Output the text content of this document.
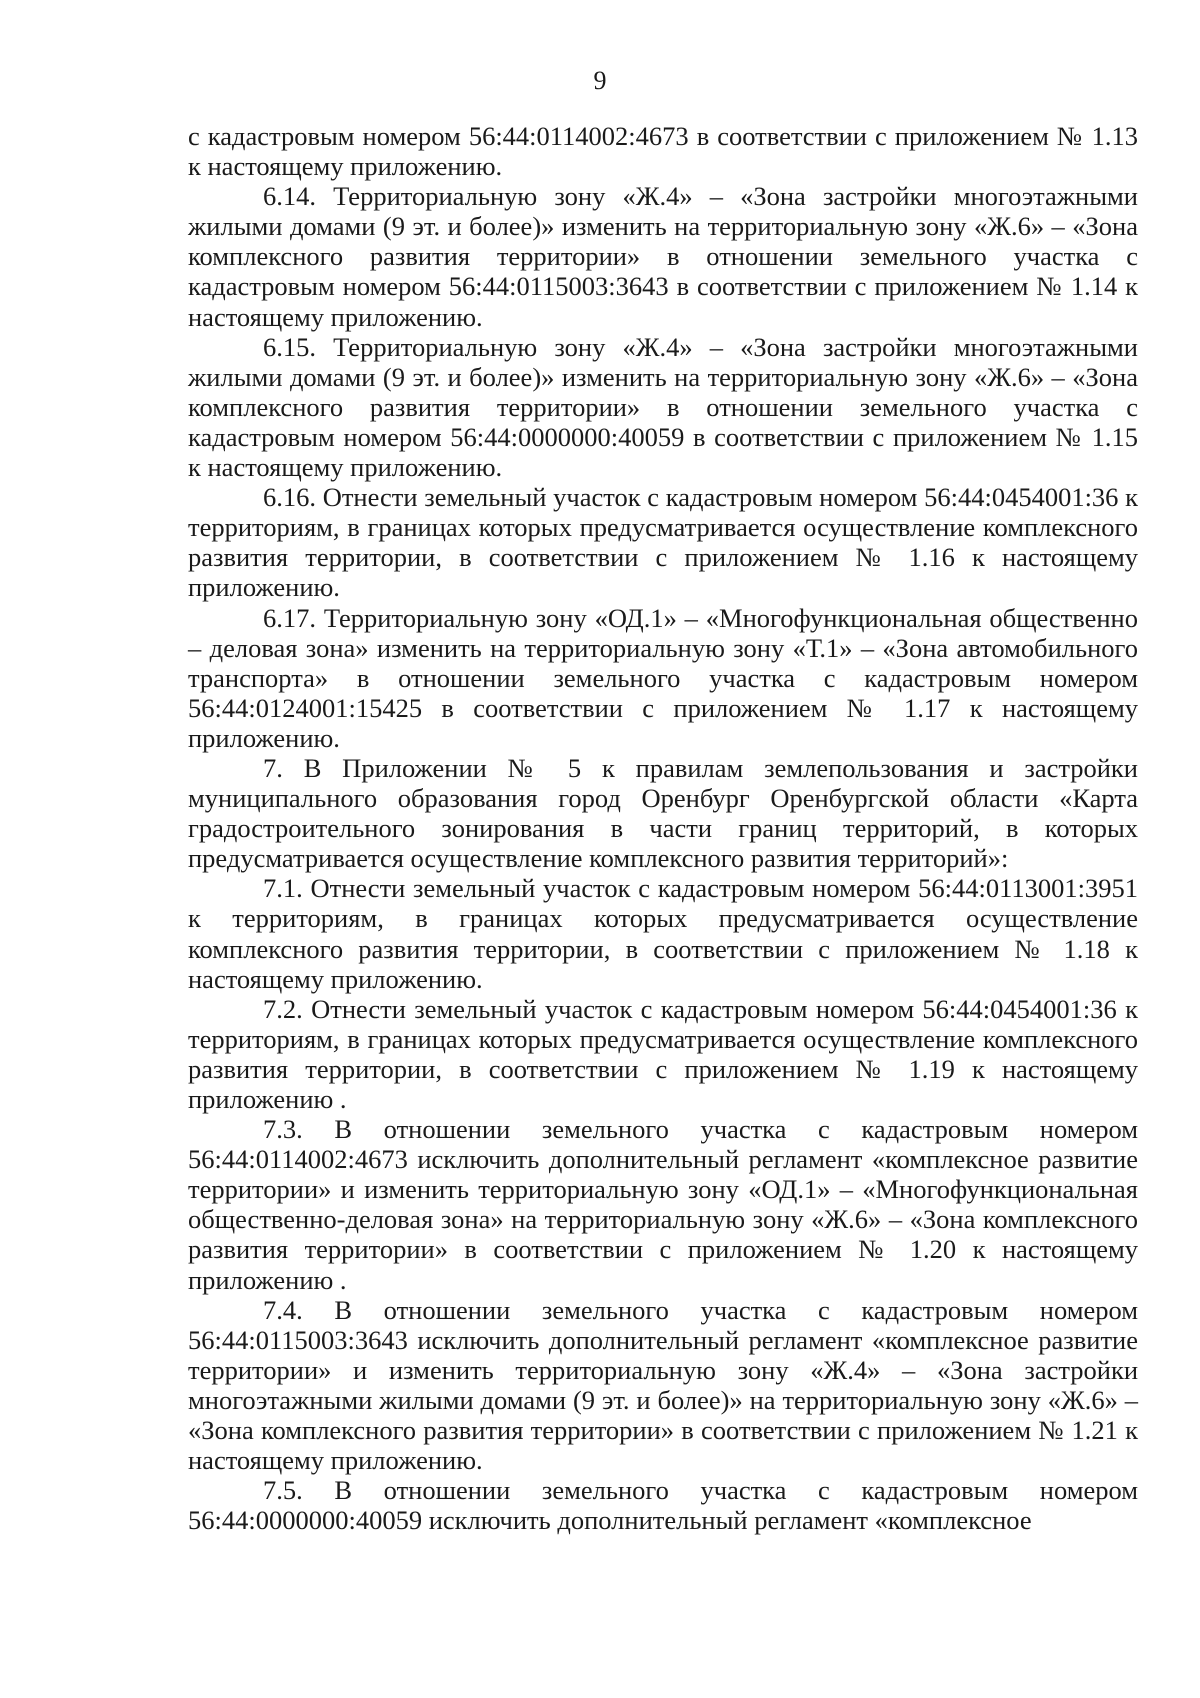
9

с кадастровым номером 56:44:0114002:4673 в соответствии с приложением № 1.13 к настоящему приложению.

6.14. Территориальную зону «Ж.4» – «Зона застройки многоэтажными жилыми домами (9 эт. и более)» изменить на территориальную зону «Ж.6» – «Зона комплексного развития территории» в отношении земельного участка с кадастровым номером 56:44:0115003:3643 в соответствии с приложением № 1.14 к настоящему приложению.

6.15. Территориальную зону «Ж.4» – «Зона застройки многоэтажными жилыми домами (9 эт. и более)» изменить на территориальную зону «Ж.6» – «Зона комплексного развития территории» в отношении земельного участка с кадастровым номером 56:44:0000000:40059 в соответствии с приложением № 1.15 к настоящему приложению.

6.16. Отнести земельный участок с кадастровым номером 56:44:0454001:36 к территориям, в границах которых предусматривается осуществление комплексного развития территории, в соответствии с приложением № 1.16 к настоящему приложению.

6.17. Территориальную зону «ОД.1» – «Многофункциональная общественно – деловая зона» изменить на территориальную зону «Т.1» – «Зона автомобильного транспорта» в отношении земельного участка с кадастровым номером 56:44:0124001:15425 в соответствии с приложением № 1.17 к настоящему приложению.

7. В Приложении № 5 к правилам землепользования и застройки муниципального образования город Оренбург Оренбургской области «Карта градостроительного зонирования в части границ территорий, в которых предусматривается осуществление комплексного развития территорий»:

7.1. Отнести земельный участок с кадастровым номером 56:44:0113001:3951 к территориям, в границах которых предусматривается осуществление комплексного развития территории, в соответствии с приложением № 1.18 к настоящему приложению.

7.2. Отнести земельный участок с кадастровым номером 56:44:0454001:36 к территориям, в границах которых предусматривается осуществление комплексного развития территории, в соответствии с приложением № 1.19 к настоящему приложению .

7.3. В отношении земельного участка с кадастровым номером 56:44:0114002:4673 исключить дополнительный регламент «комплексное развитие территории» и изменить территориальную зону «ОД.1» – «Многофункциональная общественно-деловая зона» на территориальную зону «Ж.6» – «Зона комплексного развития территории» в соответствии с приложением № 1.20 к настоящему приложению .

7.4. В отношении земельного участка с кадастровым номером 56:44:0115003:3643 исключить дополнительный регламент «комплексное развитие территории» и изменить территориальную зону «Ж.4» – «Зона застройки многоэтажными жилыми домами (9 эт. и более)» на территориальную зону «Ж.6» – «Зона комплексного развития территории» в соответствии с приложением № 1.21 к настоящему приложению.

7.5. В отношении земельного участка с кадастровым номером 56:44:0000000:40059 исключить дополнительный регламент «комплексное
